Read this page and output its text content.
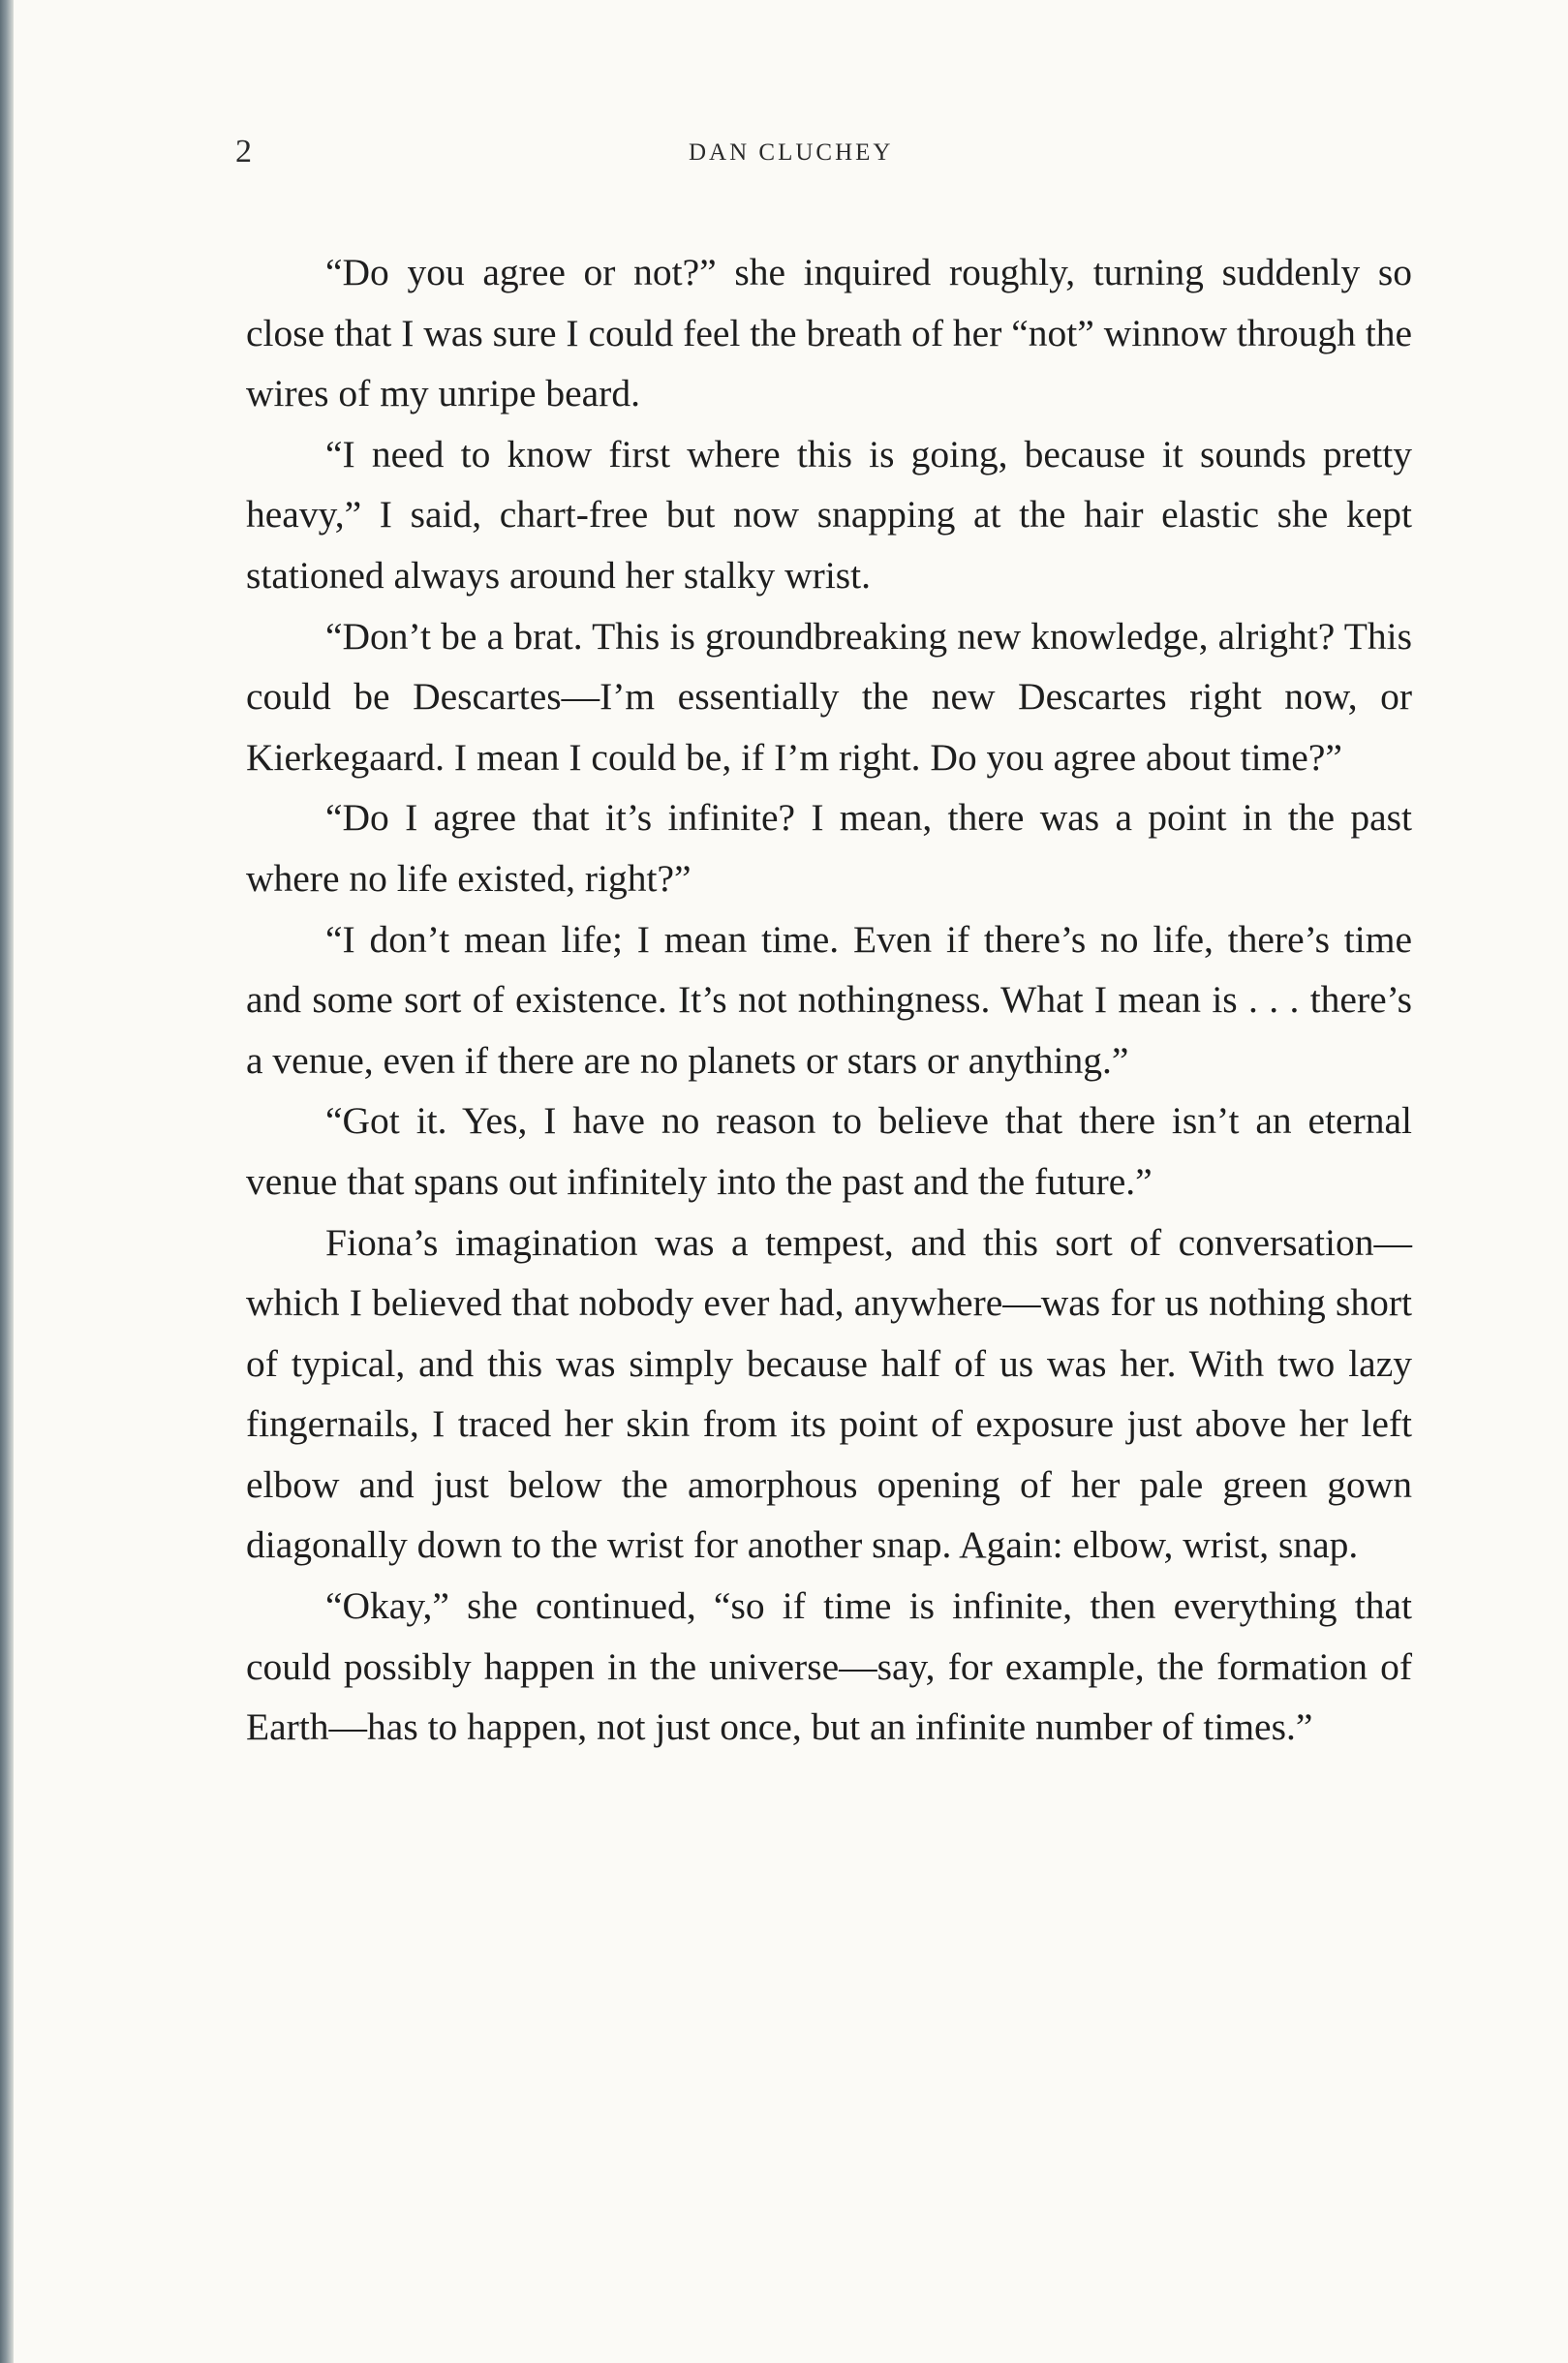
2	DAN CLUCHEY

“Do you agree or not?” she inquired roughly, turning suddenly so close that I was sure I could feel the breath of her “not” winnow through the wires of my unripe beard.

“I need to know first where this is going, because it sounds pretty heavy,” I said, chart-free but now snapping at the hair elastic she kept stationed always around her stalky wrist.

“Don’t be a brat. This is groundbreaking new knowledge, alright? This could be Descartes—I’m essentially the new Descartes right now, or Kierkegaard. I mean I could be, if I’m right. Do you agree about time?”

“Do I agree that it’s infinite? I mean, there was a point in the past where no life existed, right?”

“I don’t mean life; I mean time. Even if there’s no life, there’s time and some sort of existence. It’s not nothingness. What I mean is . . . there’s a venue, even if there are no planets or stars or anything.”

“Got it. Yes, I have no reason to believe that there isn’t an eternal venue that spans out infinitely into the past and the future.”

Fiona’s imagination was a tempest, and this sort of conversation—which I believed that nobody ever had, anywhere—was for us nothing short of typical, and this was simply because half of us was her. With two lazy fingernails, I traced her skin from its point of exposure just above her left elbow and just below the amorphous opening of her pale green gown diagonally down to the wrist for another snap. Again: elbow, wrist, snap.

“Okay,” she continued, “so if time is infinite, then everything that could possibly happen in the universe—say, for example, the formation of Earth—has to happen, not just once, but an infinite number of times.”
